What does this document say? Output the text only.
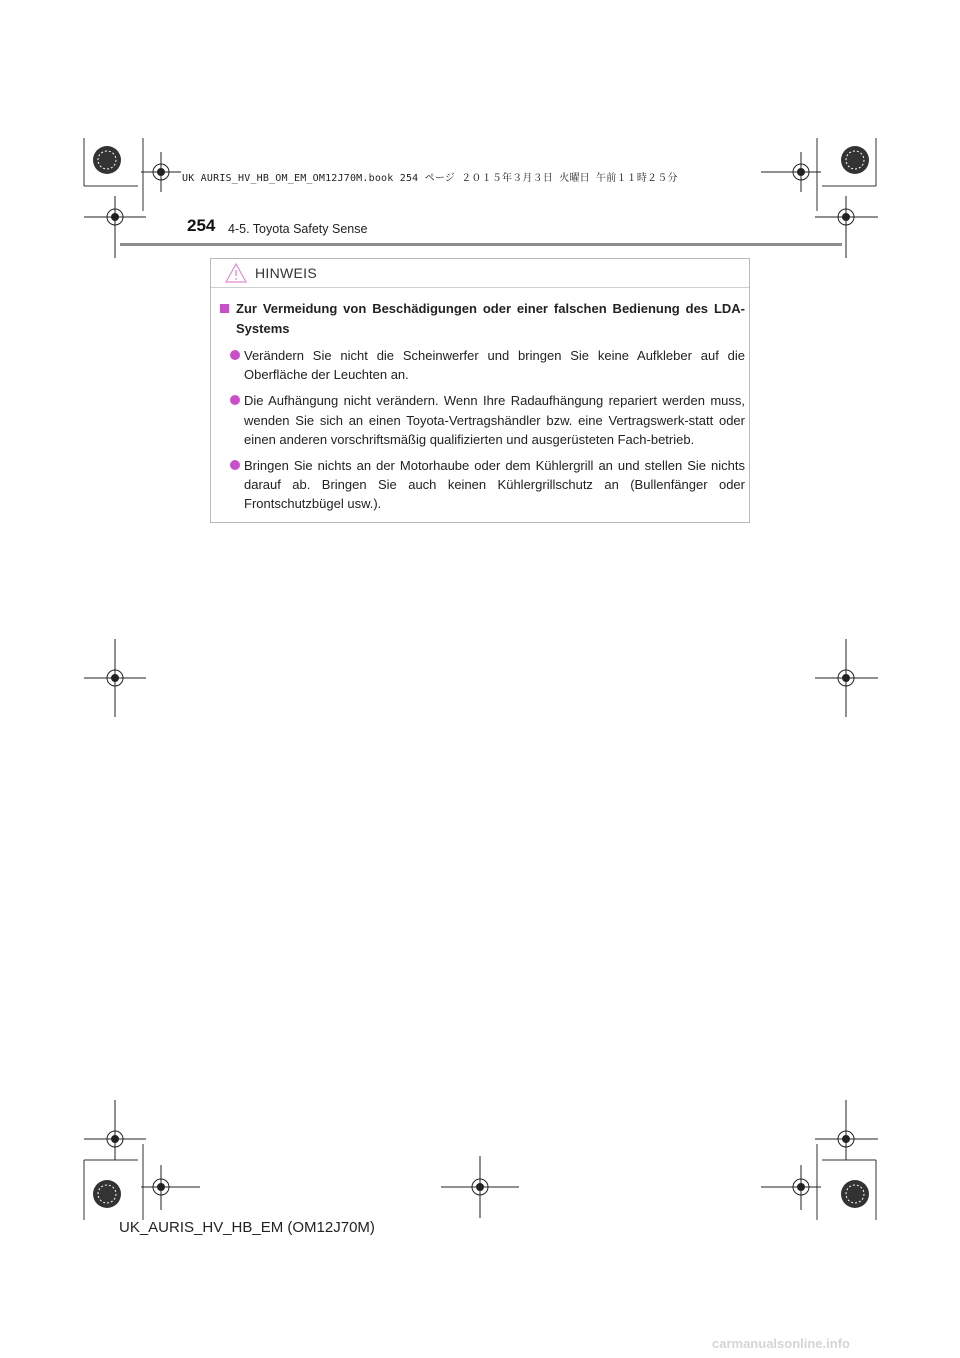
UK AURIS_HV_HB_OM_EM_OM12J70M.book 254 ページ ２０１５年３月３日 火曜日 午前１１時２５分
254 4-5. Toyota Safety Sense
HINWEIS
Zur Vermeidung von Beschädigungen oder einer falschen Bedienung des LDA-Systems
Verändern Sie nicht die Scheinwerfer und bringen Sie keine Aufkleber auf die Oberfläche der Leuchten an.
Die Aufhängung nicht verändern. Wenn Ihre Radaufhängung repariert werden muss, wenden Sie sich an einen Toyota-Vertragshändler bzw. eine Vertragswerk-statt oder einen anderen vorschriftsmäßig qualifizierten und ausgerüsteten Fach-betrieb.
Bringen Sie nichts an der Motorhaube oder dem Kühlergrill an und stellen Sie nichts darauf ab. Bringen Sie auch keinen Kühlergrillschutz an (Bullenfänger oder Frontschutzbügel usw.).
UK_AURIS_HV_HB_EM (OM12J70M)
carmanualsonline.info
